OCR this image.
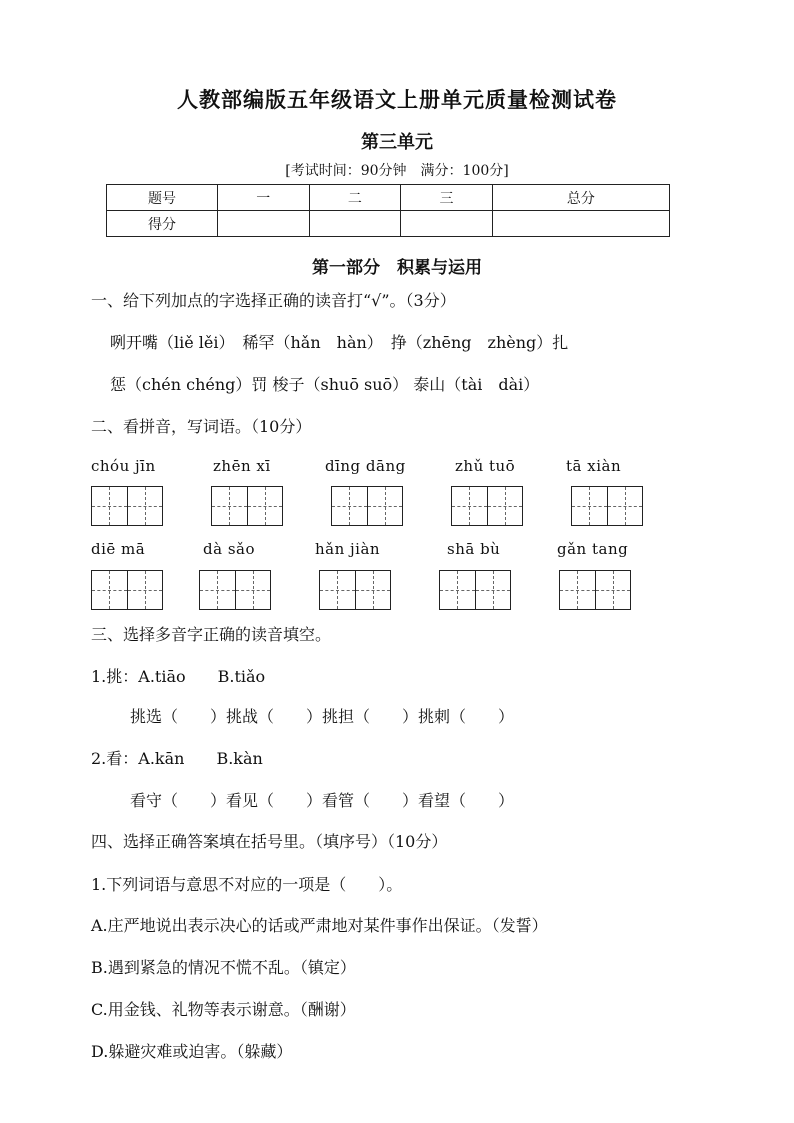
人教部编版五年级语文上册单元质量检测试卷
第三单元
[考试时间：90分钟　满分：100分]
题号	一	二	三	总分
得分				
第一部分　积累与运用
一、给下列加点的字选择正确的读音打“√”。（3分）
咧开嘴（liě lěi）　稀罕（hǎn　hàn）　挣（zhēng　zhèng）扎
惩（chén chéng）罚 梭子（shuō suō） 泰山（tài　dài）
二、看拼音，写词语。（10分）
chóu jīn	zhēn xī	dīng dāng	zhǔ tuō	tā xiàn
diē mā	dà sǎo	hǎn jiàn	shā bù	gǎn tang
三、选择多音字正确的读音填空。
1.挑：A.tiāo　　B.tiǎo
挑选（　　）挑战（　　）挑担（　　）挑刺（　　）
2.看：A.kān　　B.kàn
看守（　　）看见（　　）看管（　　）看望（　　）
四、选择正确答案填在括号里。（填序号）（10分）
1.下列词语与意思不对应的一项是（　　）。
A.庄严地说出表示决心的话或严肃地对某件事作出保证。（发誓）
B.遇到紧急的情况不慌不乱。（镇定）
C.用金钱、礼物等表示谢意。（酬谢）
D.躲避灾难或迫害。（躲藏）
